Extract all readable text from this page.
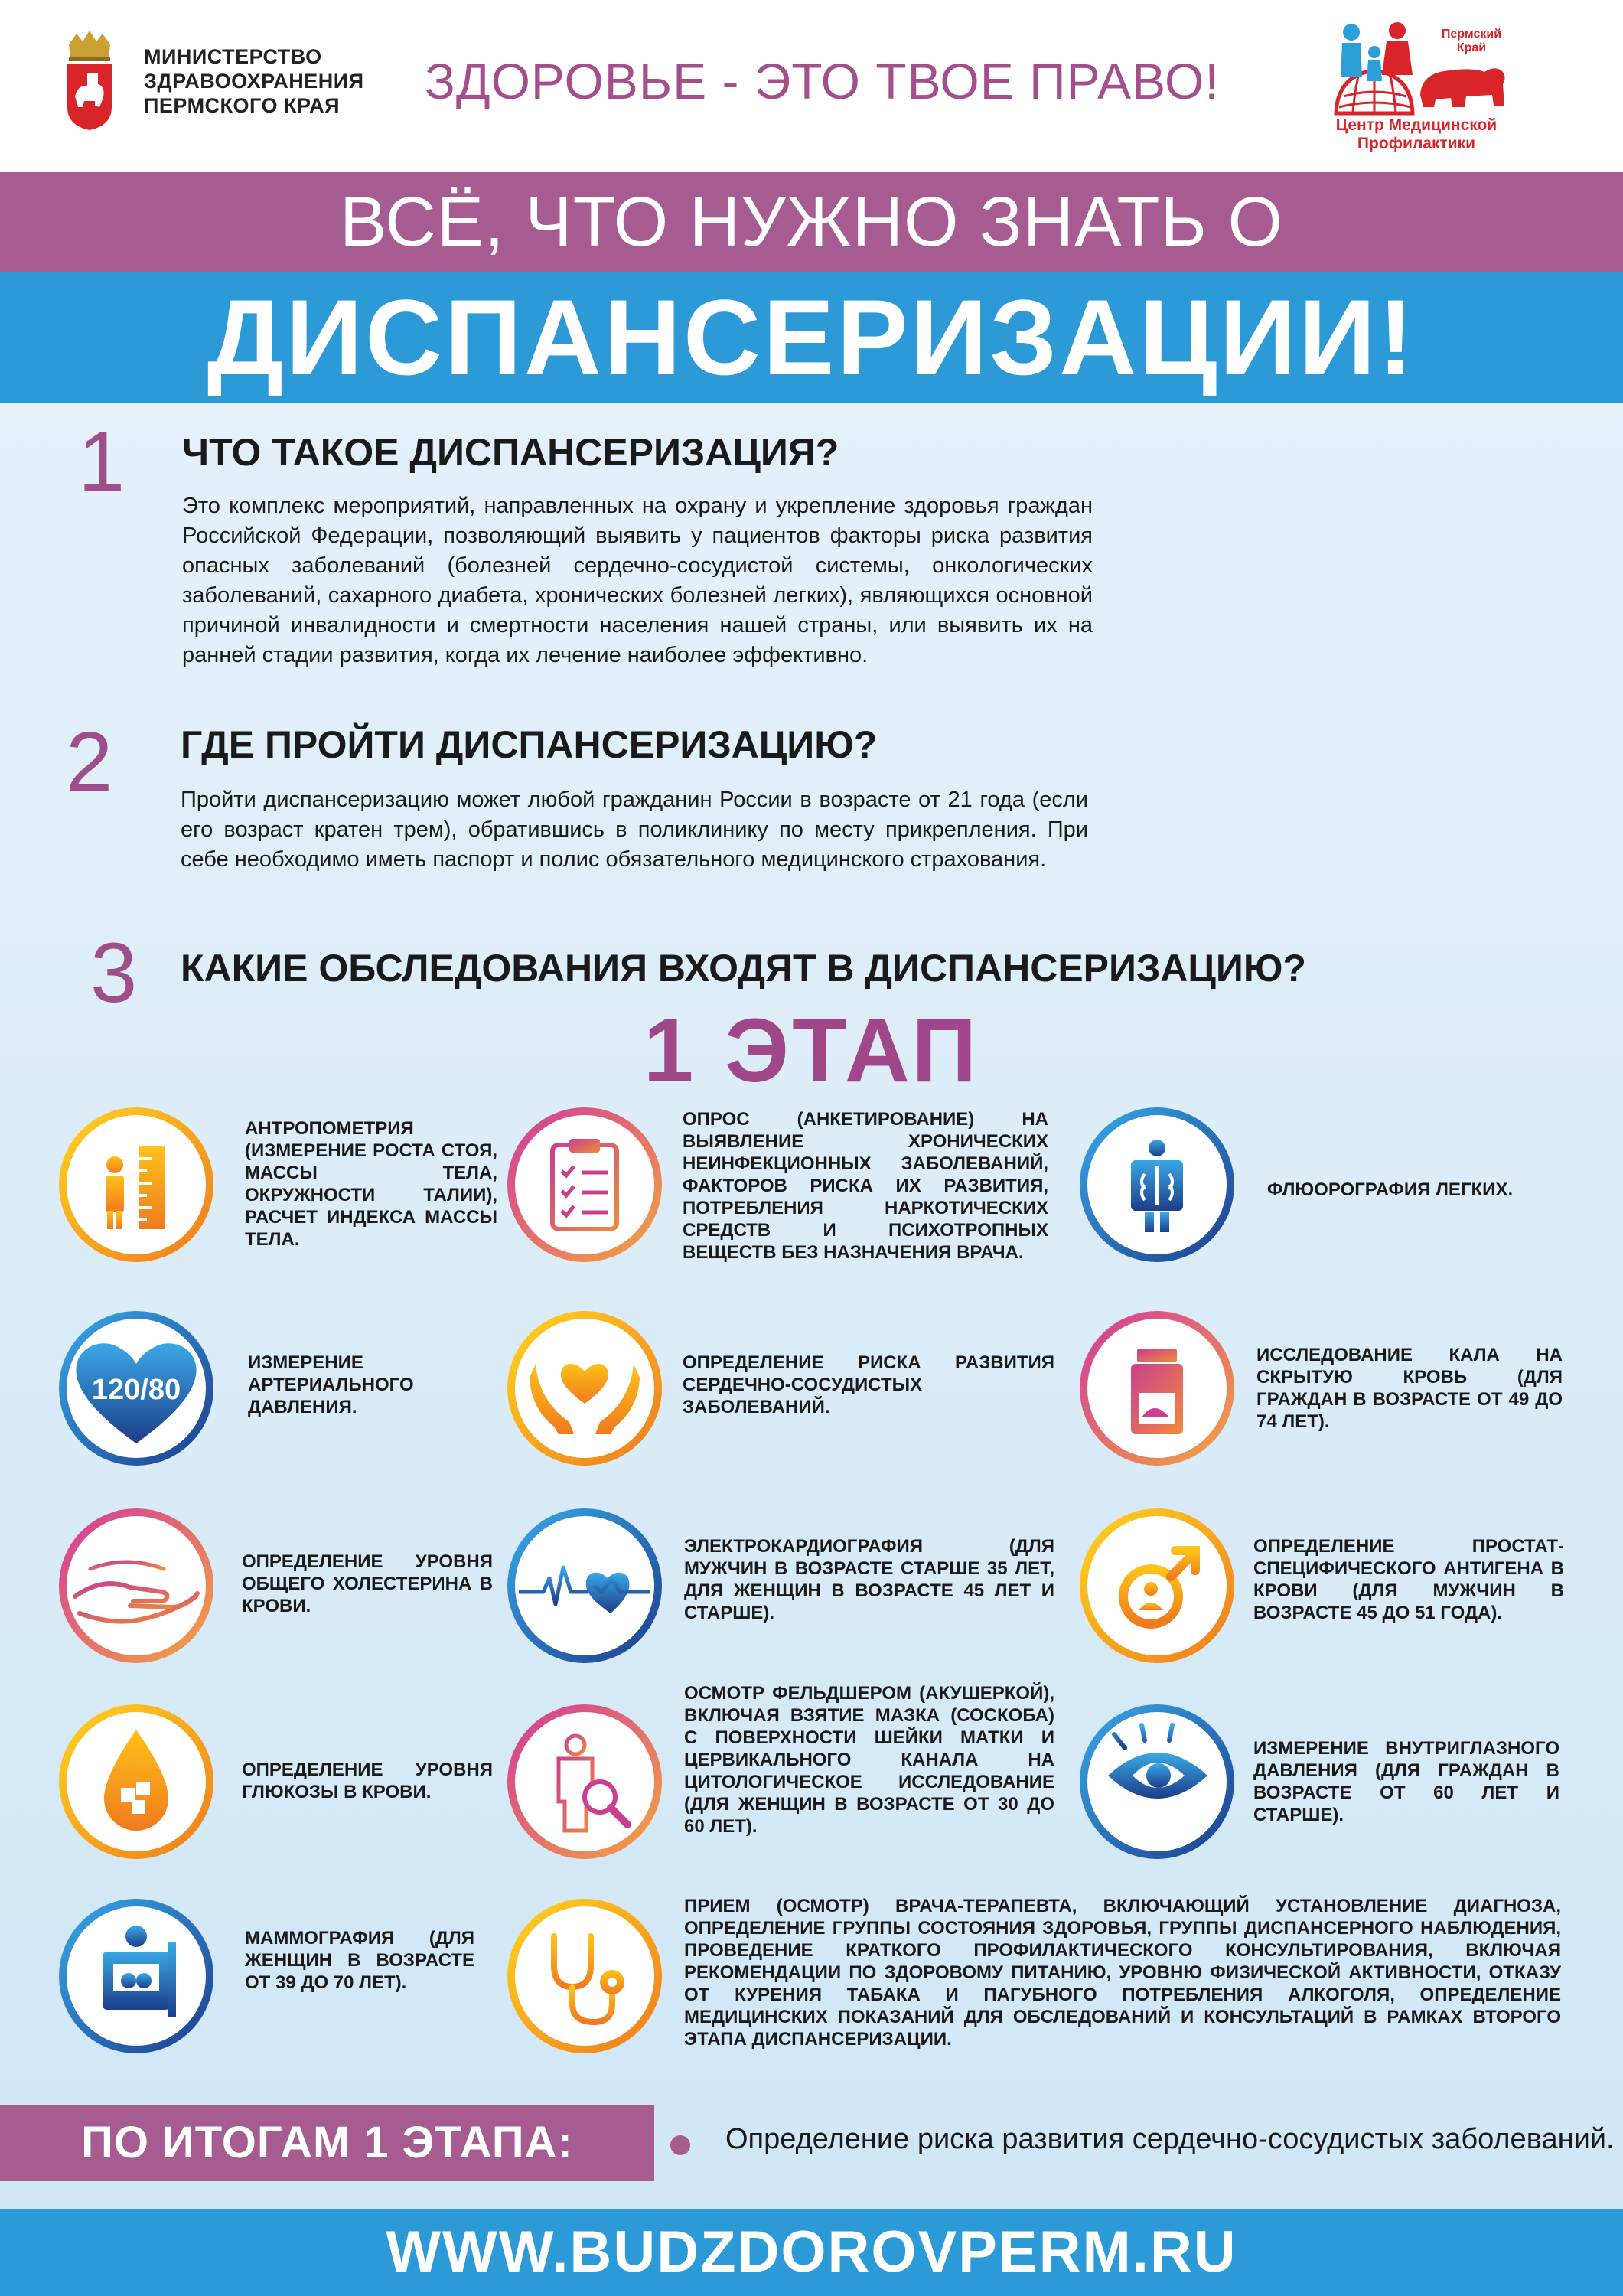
МИНИСТЕРСТВО
ЗДРАВООХРАНЕНИЯ
ПЕРМСКОГО КРАЯ	ЗДОРОВЬЕ - ЭТО ТВОЕ ПРАВО!
Пермский
Край
Центр Медицинской
Профилактики
ВСЁ, ЧТО НУЖНО ЗНАТЬ О
ДИСПАНСЕРИЗАЦИИ!
1 ЧТО ТАКОЕ ДИСПАНСЕРИЗАЦИЯ?
Это комплекс мероприятий, направленных на охрану и укрепление здоровья граждан Российской Федерации, позволяющий выявить у пациентов факторы риска развития опасных заболеваний (болезней сердечно-сосудистой системы, онкологических заболеваний, сахарного диабета, хронических болезней легких), являющихся основной причиной инвалидности и смертности населения нашей страны, или выявить их на ранней стадии развития, когда их лечение наиболее эффективно.
2 ГДЕ ПРОЙТИ ДИСПАНСЕРИЗАЦИЮ?
Пройти диспансеризацию может любой гражданин России в возрасте от 21 года (если его возраст кратен трем), обратившись в поликлинику по месту прикрепления. При себе необходимо иметь паспорт и полис обязательного медицинского страхования.
3 КАКИЕ ОБСЛЕДОВАНИЯ ВХОДЯТ В ДИСПАНСЕРИЗАЦИЮ?
1 ЭТАП
АНТРОПОМЕТРИЯ (ИЗМЕРЕНИЕ РОСТА СТОЯ, МАССЫ ТЕЛА, ОКРУЖНОСТИ ТАЛИИ), РАСЧЕТ ИНДЕКСА МАССЫ ТЕЛА.
ОПРОС (АНКЕТИРОВАНИЕ) НА ВЫЯВЛЕНИЕ ХРОНИЧЕСКИХ НЕИНФЕКЦИОННЫХ ЗАБОЛЕВАНИЙ, ФАКТОРОВ РИСКА ИХ РАЗВИТИЯ, ПОТРЕБЛЕНИЯ НАРКОТИЧЕСКИХ СРЕДСТВ И ПСИХОТРОПНЫХ ВЕЩЕСТВ БЕЗ НАЗНАЧЕНИЯ ВРАЧА.
ФЛЮОРОГРАФИЯ ЛЕГКИХ.
120/80
ИЗМЕРЕНИЕ АРТЕРИАЛЬНОГО ДАВЛЕНИЯ.
ОПРЕДЕЛЕНИЕ РИСКА РАЗВИТИЯ СЕРДЕЧНО-СОСУДИСТЫХ ЗАБОЛЕВАНИЙ.
ИССЛЕДОВАНИЕ КАЛА НА СКРЫТУЮ КРОВЬ (ДЛЯ ГРАЖДАН В ВОЗРАСТЕ ОТ 49 ДО 74 ЛЕТ).
ОПРЕДЕЛЕНИЕ УРОВНЯ ОБЩЕГО ХОЛЕСТЕРИНА В КРОВИ.
ЭЛЕКТРОКАРДИОГРАФИЯ (ДЛЯ МУЖЧИН В ВОЗРАСТЕ СТАРШЕ 35 ЛЕТ, ДЛЯ ЖЕНЩИН В ВОЗРАСТЕ 45 ЛЕТ И СТАРШЕ).
ОПРЕДЕЛЕНИЕ ПРОСТАТ-СПЕЦИФИЧЕСКОГО АНТИГЕНА В КРОВИ (ДЛЯ МУЖЧИН В ВОЗРАСТЕ 45 ДО 51 ГОДА).
ОПРЕДЕЛЕНИЕ УРОВНЯ ГЛЮКОЗЫ В КРОВИ.
ОСМОТР ФЕЛЬДШЕРОМ (АКУШЕРКОЙ), ВКЛЮЧАЯ ВЗЯТИЕ МАЗКА (СОСКОБА) С ПОВЕРХНОСТИ ШЕЙКИ МАТКИ И ЦЕРВИКАЛЬНОГО КАНАЛА НА ЦИТОЛОГИЧЕСКОЕ ИССЛЕДОВАНИЕ (ДЛЯ ЖЕНЩИН В ВОЗРАСТЕ ОТ 30 ДО 60 ЛЕТ).
ИЗМЕРЕНИЕ ВНУТРИГЛАЗНОГО ДАВЛЕНИЯ (ДЛЯ ГРАЖДАН В ВОЗРАСТЕ ОТ 60 ЛЕТ И СТАРШЕ).
МАММОГРАФИЯ (ДЛЯ ЖЕНЩИН В ВОЗРАСТЕ ОТ 39 ДО 70 ЛЕТ).
ПРИЕМ (ОСМОТР) ВРАЧА-ТЕРАПЕВТА, ВКЛЮЧАЮЩИЙ УСТАНОВЛЕНИЕ ДИАГНОЗА, ОПРЕДЕЛЕНИЕ ГРУППЫ СОСТОЯНИЯ ЗДОРОВЬЯ, ГРУППЫ ДИСПАНСЕРНОГО НАБЛЮДЕНИЯ, ПРОВЕДЕНИЕ КРАТКОГО ПРОФИЛАКТИЧЕСКОГО КОНСУЛЬТИРОВАНИЯ, ВКЛЮЧАЯ РЕКОМЕНДАЦИИ ПО ЗДОРОВОМУ ПИТАНИЮ, УРОВНЮ ФИЗИЧЕСКОЙ АКТИВНОСТИ, ОТКАЗУ ОТ КУРЕНИЯ ТАБАКА И ПАГУБНОГО ПОТРЕБЛЕНИЯ АЛКОГОЛЯ, ОПРЕДЕЛЕНИЕ МЕДИЦИНСКИХ ПОКАЗАНИЙ ДЛЯ ОБСЛЕДОВАНИЙ И КОНСУЛЬТАЦИЙ В РАМКАХ ВТОРОГО ЭТАПА ДИСПАНСЕРИЗАЦИИ.
ПО ИТОГАМ 1 ЭТАПА:	Определение риска развития сердечно-сосудистых заболеваний.
WWW.BUDZDOROVPERM.RU
